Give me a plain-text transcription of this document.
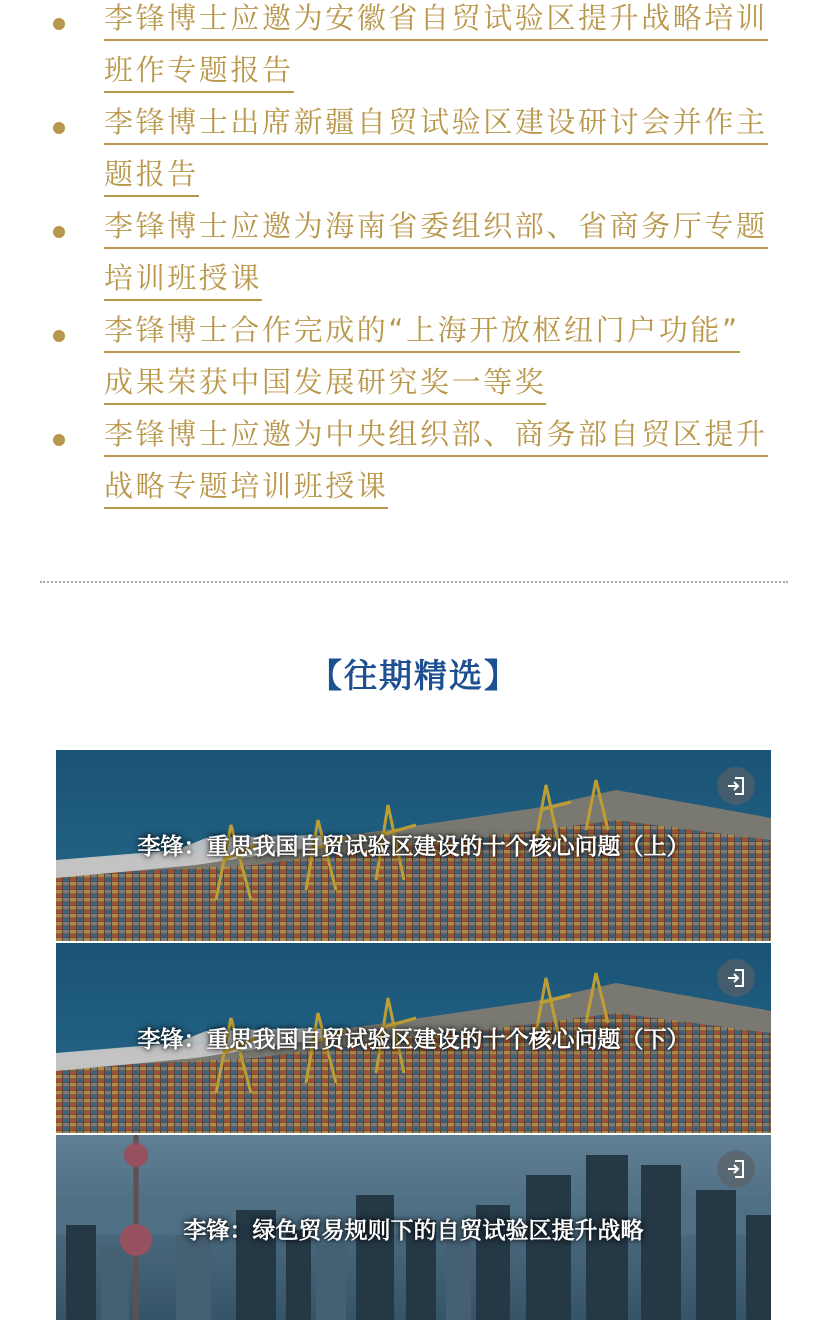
李锋博士应邀为安徽省自贸试验区提升战略培训
班作专题报告
李锋博士出席新疆自贸试验区建设研讨会并作主
题报告
李锋博士应邀为海南省委组织部、省商务厅专题
培训班授课
李锋博士合作完成的“上海开放枢纽门户功能”
成果荣获中国发展研究奖一等奖
李锋博士应邀为中央组织部、商务部自贸区提升
战略专题培训班授课
【往期精选】
李锋：重思我国自贸试验区建设的十个核心问题（上）
李锋：重思我国自贸试验区建设的十个核心问题（下）
李锋：绿色贸易规则下的自贸试验区提升战略
